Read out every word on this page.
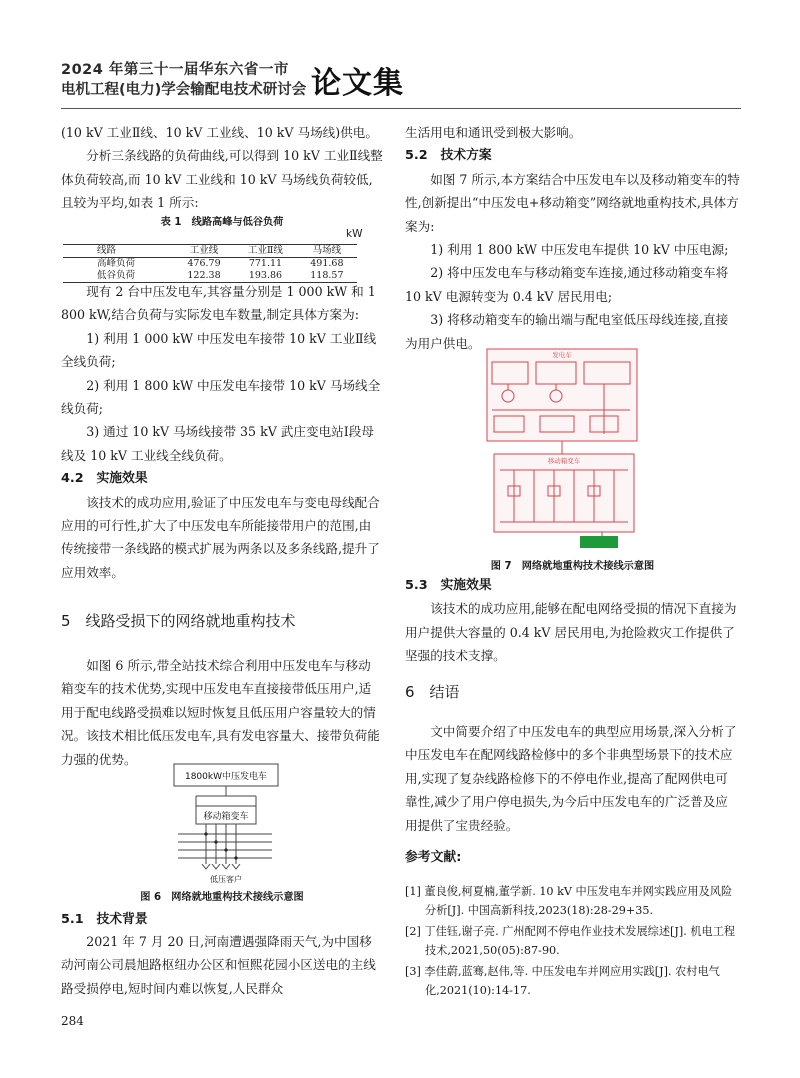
2024 年第三十一届华东六省一市
电机工程(电力)学会输配电技术研讨会 论文集

(10 kV 工业Ⅱ线、10 kV 工业线、10 kV 马场线)供电。

分析三条线路的负荷曲线,可以得到 10 kV 工业Ⅱ线整体负荷较高,而 10 kV 工业线和 10 kV 马场线负荷较低,且较为平均,如表 1 所示:

表 1　线路高峰与低谷负荷
kW
线路	工业线	工业Ⅱ线	马场线
高峰负荷	476.79	771.11	491.68
低谷负荷	122.38	193.86	118.57

现有 2 台中压发电车,其容量分别是 1 000 kW 和 1 800 kW,结合负荷与实际发电车数量,制定具体方案为:

1) 利用 1 000 kW 中压发电车接带 10 kV 工业Ⅱ线全线负荷;

2) 利用 1 800 kW 中压发电车接带 10 kV 马场线全线负荷;

3) 通过 10 kV 马场线接带 35 kV 武庄变电站Ⅰ段母线及 10 kV 工业线全线负荷。

4.2　实施效果

该技术的成功应用,验证了中压发电车与变电母线配合应用的可行性,扩大了中压发电车所能接带用户的范围,由传统接带一条线路的模式扩展为两条以及多条线路,提升了应用效率。

5　线路受损下的网络就地重构技术

如图 6 所示,带全站技术综合利用中压发电车与移动箱变车的技术优势,实现中压发电车直接接带低压用户,适用于配电线路受损难以短时恢复且低压用户容量较大的情况。该技术相比低压发电车,具有发电容量大、接带负荷能力强的优势。

1800kW中压发电车
移动箱变车
低压客户
图 6　网络就地重构技术接线示意图
5.1　技术背景

2021 年 7 月 20 日,河南遭遇强降雨天气,为中国移动河南公司晨旭路枢纽办公区和恒熙花园小区送电的主线路受损停电,短时间内难以恢复,人民群众

284

生活用电和通讯受到极大影响。

5.2　技术方案

如图 7 所示,本方案结合中压发电车以及移动箱变车的特性,创新提出“中压发电+移动箱变”网络就地重构技术,具体方案为:

1) 利用 1 800 kW 中压发电车提供 10 kV 中压电源;

2) 将中压发电车与移动箱变车连接,通过移动箱变车将 10 kV 电源转变为 0.4 kV 居民用电;

3) 将移动箱变车的输出端与配电室低压母线连接,直接为用户供电。

发电车
移动箱变车
图 7　网络就地重构技术接线示意图

5.3　实施效果

该技术的成功应用,能够在配电网络受损的情况下直接为用户提供大容量的 0.4 kV 居民用电,为抢险救灾工作提供了坚强的技术支撑。

6　结语

文中简要介绍了中压发电车的典型应用场景,深入分析了中压发电车在配网线路检修中的多个非典型场景下的技术应用,实现了复杂线路检修下的不停电作业,提高了配网供电可靠性,减少了用户停电损失,为今后中压发电车的广泛普及应用提供了宝贵经验。

参考文献:
[1] 董良俊,柯夏楠,董学新. 10 kV 中压发电车并网实践应用及风险分析[J]. 中国高新科技,2023(18):28-29+35.
[2] 丁佳钰,谢子亮. 广州配网不停电作业技术发展综述[J]. 机电工程技术,2021,50(05):87-90.
[3] 李佳蔚,蓝骞,赵伟,等. 中压发电车并网应用实践[J]. 农村电气化,2021(10):14-17.
